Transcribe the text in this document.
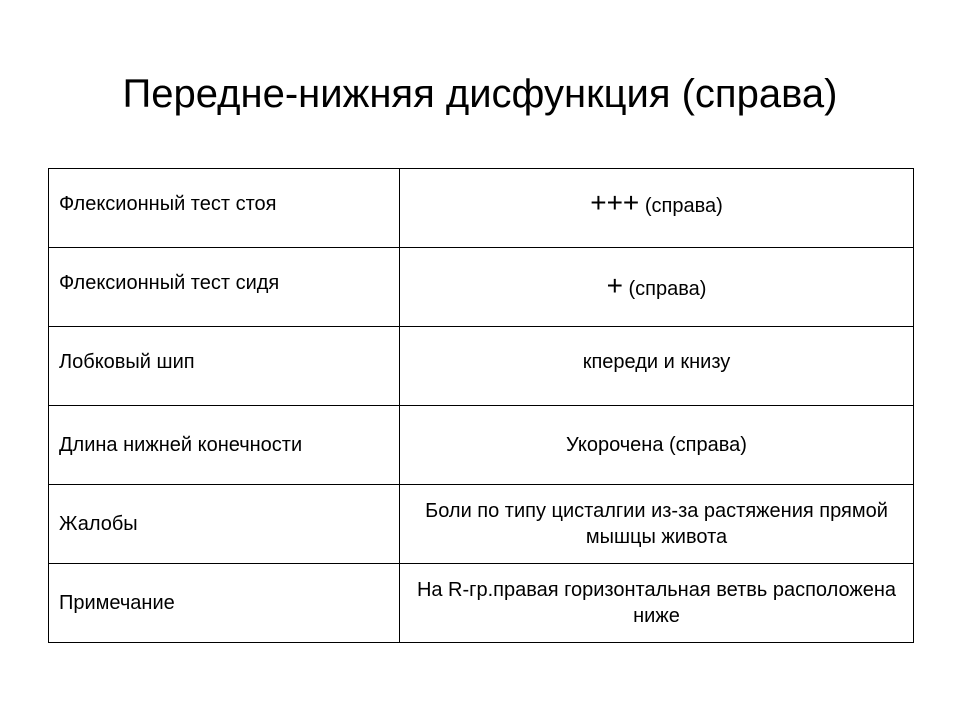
Передне-нижняя дисфункция (справа)
Флексионный тест стоя	+++ (справа)
Флексионный тест сидя	+ (справа)
Лобковый шип	кпереди и книзу
Длина нижней конечности	Укорочена (справа)
Жалобы	Боли по типу цисталгии из-за растяжения прямой мышцы живота
Примечание	На R-гр.правая горизонтальная ветвь расположена ниже
